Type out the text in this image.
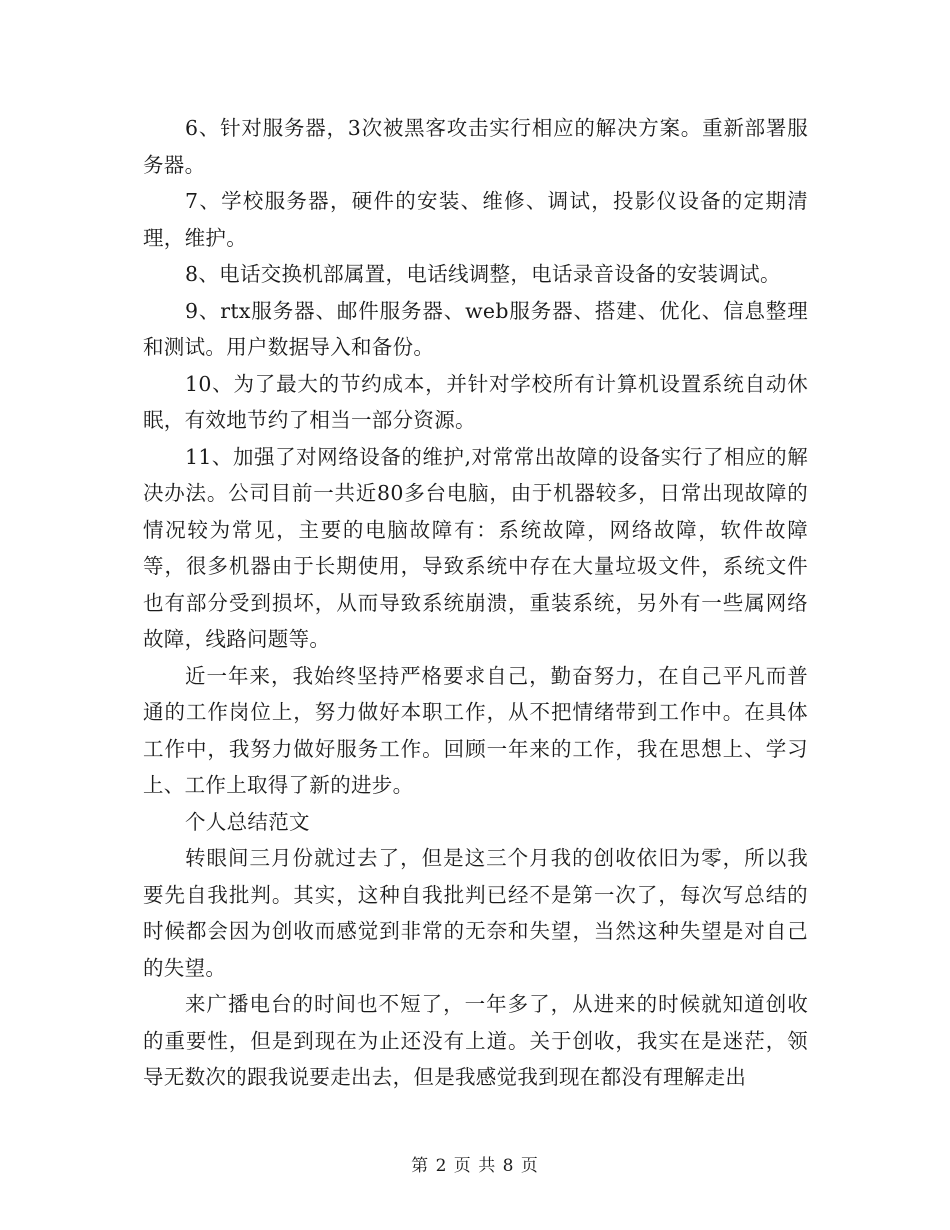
6、针对服务器，3次被黑客攻击实行相应的解决方案。重新部署服务器。

7、学校服务器，硬件的安装、维修、调试，投影仪设备的定期清理，维护。

8、电话交换机部属置，电话线调整，电话录音设备的安装调试。

9、rtx服务器、邮件服务器、web服务器、搭建、优化、信息整理和测试。用户数据导入和备份。

10、为了最大的节约成本，并针对学校所有计算机设置系统自动休眠，有效地节约了相当一部分资源。

11、加强了对网络设备的维护,对常常出故障的设备实行了相应的解决办法。公司目前一共近80多台电脑，由于机器较多，日常出现故障的情况较为常见，主要的电脑故障有：系统故障，网络故障，软件故障等，很多机器由于长期使用，导致系统中存在大量垃圾文件，系统文件也有部分受到损坏，从而导致系统崩溃，重装系统，另外有一些属网络故障，线路问题等。

近一年来，我始终坚持严格要求自己，勤奋努力，在自己平凡而普通的工作岗位上，努力做好本职工作，从不把情绪带到工作中。在具体工作中，我努力做好服务工作。回顾一年来的工作，我在思想上、学习上、工作上取得了新的进步。

个人总结范文

转眼间三月份就过去了，但是这三个月我的创收依旧为零，所以我要先自我批判。其实，这种自我批判已经不是第一次了，每次写总结的时候都会因为创收而感觉到非常的无奈和失望，当然这种失望是对自己的失望。

来广播电台的时间也不短了，一年多了，从进来的时候就知道创收的重要性，但是到现在为止还没有上道。关于创收，我实在是迷茫，领导无数次的跟我说要走出去，但是我感觉我到现在都没有理解走出

第 2 页 共 8 页
